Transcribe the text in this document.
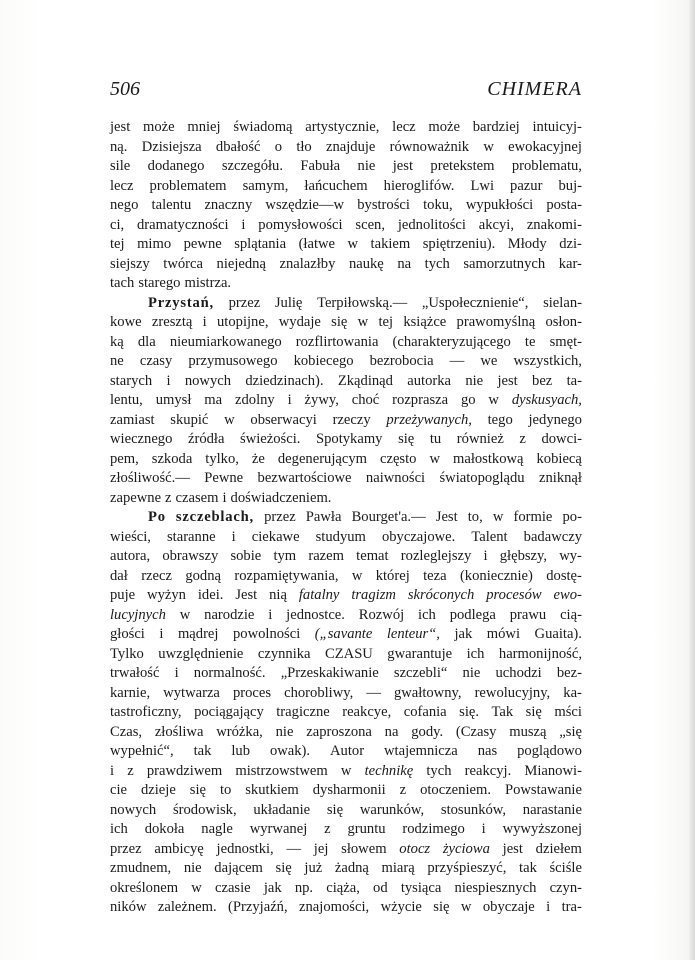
506	CHIMERA
jest może mniej świadomą artystycznie, lecz może bardziej intuicyj-
ną. Dzisiejsza dbałość o tło znajduje równoważnik w ewokacyjnej
sile dodanego szczegółu. Fabuła nie jest pretekstem problematu,
lecz problematem samym, łańcuchem hieroglifów. Lwi pazur buj-
nego talentu znaczny wszędzie—w bystrości toku, wypukłości posta-
ci, dramatyczności i pomysłowości scen, jednolitości akcyi, znakomi-
tej mimo pewne splątania (łatwe w takiem spiętrzeniu). Młody dzi-
siejszy twórca niejedną znalazłby naukę na tych samorzutnych kar-
tach starego mistrza.
Przystań, przez Julię Terpiłowską.— „Uspołecznienie“, sielan-
kowe zresztą i utopijne, wydaje się w tej książce prawomyślną osłon-
ką dla nieumiarkowanego rozflirtowania (charakteryzującego te smęt-
ne czasy przymusowego kobiecego bezrobocia — we wszystkich,
starych i nowych dziedzinach). Zkądinąd autorka nie jest bez ta-
lentu, umysł ma zdolny i żywy, choć rozprasza go w dyskusyach,
zamiast skupić w obserwacyi rzeczy przeżywanych, tego jedynego
wiecznego źródła świeżości. Spotykamy się tu również z dowci-
pem, szkoda tylko, że degenerującym często w małostkową kobiecą
złośliwość.— Pewne bezwartościowe naiwności światopoglądu zniknął
zapewne z czasem i doświadczeniem.
Po szczeblach, przez Pawła Bourget'a.— Jest to, w formie po-
wieści, staranne i ciekawe studyum obyczajowe. Talent badawczy
autora, obrawszy sobie tym razem temat rozleglejszy i głębszy, wy-
dał rzecz godną rozpamiętywania, w której teza (koniecznie) dostę-
puje wyżyn idei. Jest nią fatalny tragizm skróconych procesów ewo-
lucyjnych w narodzie i jednostce. Rozwój ich podlega prawu cią-
głości i mądrej powolności („savante lenteur“, jak mówi Guaita).
Tylko uwzględnienie czynnika CZASU gwarantuje ich harmonijność,
trwałość i normalność. „Przeskakiwanie szczebli“ nie uchodzi bez-
karnie, wytwarza proces chorobliwy, — gwałtowny, rewolucyjny, ka-
tastroficzny, pociągający tragiczne reakcye, cofania się. Tak się mści
Czas, złośliwa wróżka, nie zaproszona na gody. (Czasy muszą „się
wypełnić“, tak lub owak). Autor wtajemnicza nas poglądowo
i z prawdziwem mistrzowstwem w technikę tych reakcyj. Mianowi-
cie dzieje się to skutkiem dysharmonii z otoczeniem. Powstawanie
nowych środowisk, układanie się warunków, stosunków, narastanie
ich dokoła nagle wyrwanej z gruntu rodzimego i wywyższonej
przez ambicyę jednostki, — jej słowem otocz życiowa jest dziełem
zmudnem, nie dającem się już żadną miarą przyśpieszyć, tak ściśle
określonem w czasie jak np. ciąża, od tysiąca niespiesznych czyn-
ników zależnem. (Przyjaźń, znajomości, wżycie się w obyczaje i tra-
